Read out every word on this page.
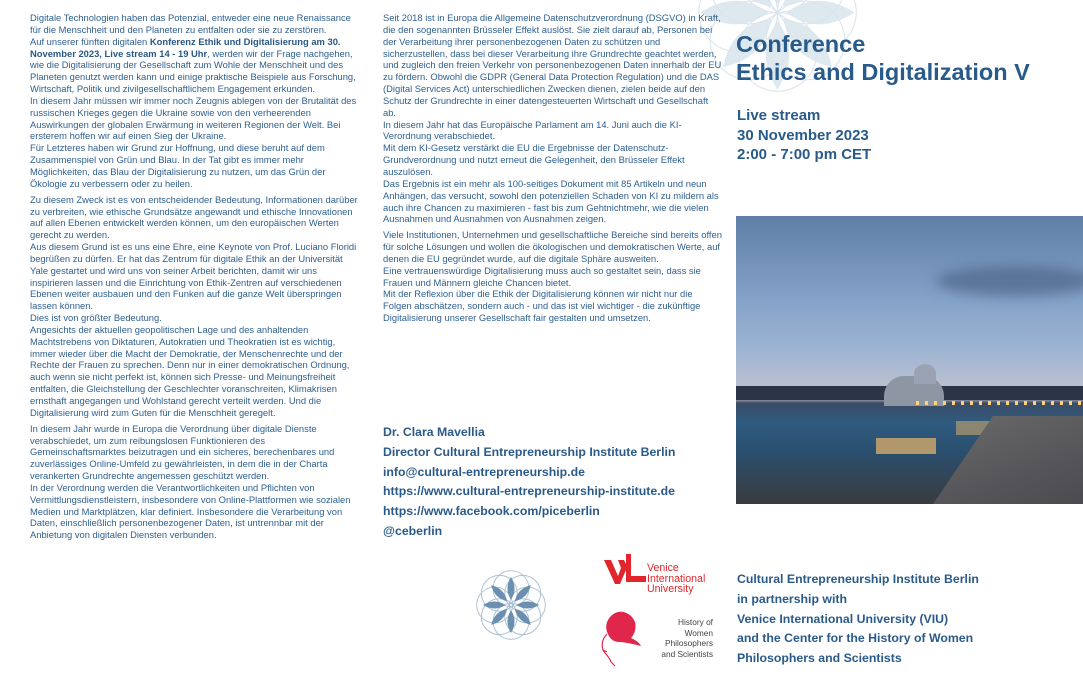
Digitale Technologien haben das Potenzial, entweder eine neue Renaissance für die Menschheit und den Planeten zu entfalten oder sie zu zerstören.

Auf unserer fünften digitalen Konferenz Ethik und Digitalisierung am 30. November 2023, Live stream 14 - 19 Uhr, werden wir der Frage nachgehen, wie die Digitalisierung der Gesellschaft zum Wohle der Menschheit und des Planeten genutzt werden kann und einige praktische Beispiele aus Forschung, Wirtschaft, Politik und zivilgesellschaftlichem Engagement erkunden.

In diesem Jahr müssen wir immer noch Zeugnis ablegen von der Brutalität des russischen Krieges gegen die Ukraine sowie von den verheerenden Auswirkungen der globalen Erwärmung in weiteren Regionen der Welt. Bei ersterem hoffen wir auf einen Sieg der Ukraine.

Für Letzteres haben wir Grund zur Hoffnung, und diese beruht auf dem Zusammenspiel von Grün und Blau. In der Tat gibt es immer mehr Möglichkeiten, das Blau der Digitalisierung zu nutzen, um das Grün der Ökologie zu verbessern oder zu heilen.

Zu diesem Zweck ist es von entscheidender Bedeutung, Informationen darüber zu verbreiten, wie ethische Grundsätze angewandt und ethische Innovationen auf allen Ebenen entwickelt werden können, um den europäischen Werten gerecht zu werden.

Aus diesem Grund ist es uns eine Ehre, eine Keynote von Prof. Luciano Floridi begrüßen zu dürfen. Er hat das Zentrum für digitale Ethik an der Universität Yale gestartet und wird uns von seiner Arbeit berichten, damit wir uns inspirieren lassen und die Einrichtung von Ethik-Zentren auf verschiedenen Ebenen weiter ausbauen und den Funken auf die ganze Welt überspringen lassen können.

Dies ist von größter Bedeutung.

Angesichts der aktuellen geopolitischen Lage und des anhaltenden Machtstrebens von Diktaturen, Autokratien und Theokratien ist es wichtig, immer wieder über die Macht der Demokratie, der Menschenrechte und der Rechte der Frauen zu sprechen. Denn nur in einer demokratischen Ordnung, auch wenn sie nicht perfekt ist, können sich Presse- und Meinungsfreiheit entfalten, die Gleichstellung der Geschlechter voranschreiten, Klimakrisen ernsthaft angegangen und Wohlstand gerecht verteilt werden. Und die Digitalisierung wird zum Guten für die Menschheit geregelt.

In diesem Jahr wurde in Europa die Verordnung über digitale Dienste verabschiedet, um zum reibungslosen Funktionieren des Gemeinschaftsmarktes beizutragen und ein sicheres, berechenbares und zuverlässiges Online-Umfeld zu gewährleisten, in dem die in der Charta verankerten Grundrechte angemessen geschützt werden.

In der Verordnung werden die Verantwortlichkeiten und Pflichten von Vermittlungsdienstleistern, insbesondere von Online-Plattformen wie sozialen Medien und Marktplätzen, klar definiert. Insbesondere die Verarbeitung von Daten, einschließlich personenbezogener Daten, ist untrennbar mit der Anbietung von digitalen Diensten verbunden.

Seit 2018 ist in Europa die Allgemeine Datenschutzverordnung (DSGVO) in Kraft, die den sogenannten Brüsseler Effekt auslöst. Sie zielt darauf ab, Personen bei der Verarbeitung ihrer personenbezogenen Daten zu schützen und sicherzustellen, dass bei dieser Verarbeitung ihre Grundrechte geachtet werden, und zugleich den freien Verkehr von personenbezogenen Daten innerhalb der EU zu fördern. Obwohl die GDPR (General Data Protection Regulation) und die DAS (Digital Services Act) unterschiedlichen Zwecken dienen, zielen beide auf den Schutz der Grundrechte in einer datengesteuerten Wirtschaft und Gesellschaft ab.

In diesem Jahr hat das Europäische Parlament am 14. Juni auch die KI-Verordnung verabschiedet.

Mit dem KI-Gesetz verstärkt die EU die Ergebnisse der Datenschutz-Grundverordnung und nutzt erneut die Gelegenheit, den Brüsseler Effekt auszulösen.

Das Ergebnis ist ein mehr als 100-seitiges Dokument mit 85 Artikeln und neun Anhängen, das versucht, sowohl den potenziellen Schaden von KI zu mildern als auch ihre Chancen zu maximieren - fast bis zum Gehtnichtmehr, wie die vielen Ausnahmen und Ausnahmen von Ausnahmen zeigen.

Viele Institutionen, Unternehmen und gesellschaftliche Bereiche sind bereits offen für solche Lösungen und wollen die ökologischen und demokratischen Werte, auf denen die EU gegründet wurde, auf die digitale Sphäre ausweiten.

Eine vertrauenswürdige Digitalisierung muss auch so gestaltet sein, dass sie Frauen und Männern gleiche Chancen bietet.

Mit der Reflexion über die Ethik der Digitalisierung können wir nicht nur die Folgen abschätzen, sondern auch - und das ist viel wichtiger - die zukünftige Digitalisierung unserer Gesellschaft fair gestalten und umsetzen.

Dr. Clara Mavellia
Director Cultural Entrepreneurship Institute Berlin
info@cultural-entrepreneurship.de
https://www.cultural-entrepreneurship-institute.de
https://www.facebook.com/piceberlin
@ceberlin
Conference
Ethics and Digitalization V
Live stream
30 November 2023
2:00 - 7:00 pm CET
Venice
International
University
History of
Women
Philosophers
and Scientists
Cultural Entrepreneurship Institute Berlin
in partnership with
Venice International University (VIU)
and the Center for the History of Women
Philosophers and Scientists
